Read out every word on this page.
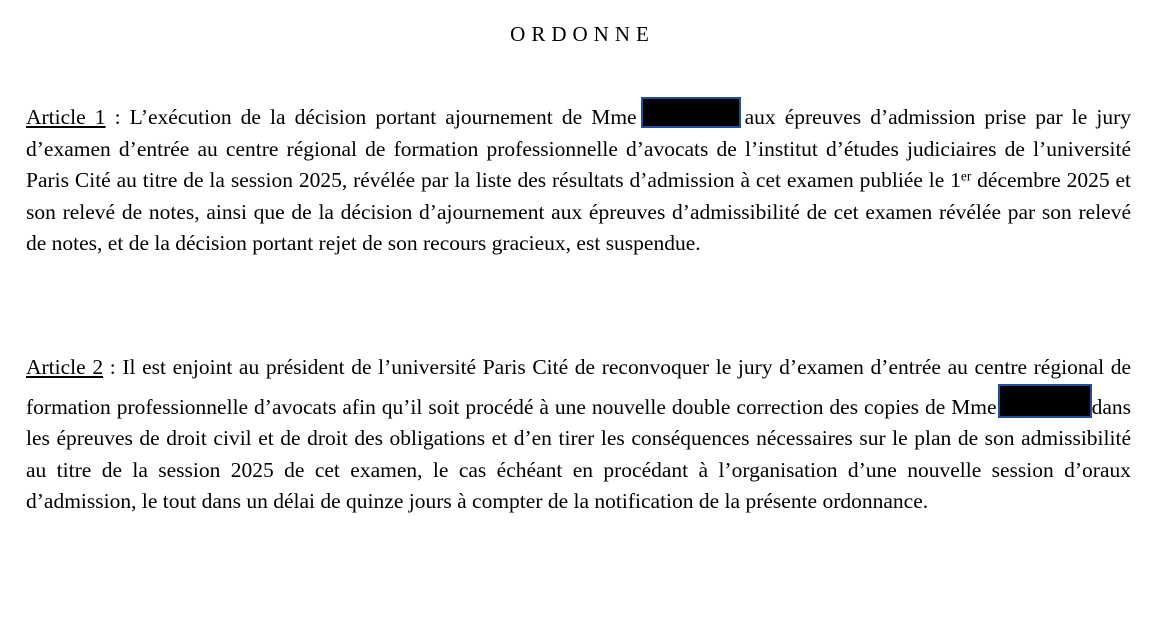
ORDONNE

Article 1 : L’exécution de la décision portant ajournement de Mme	aux épreuves d’admission prise par le jury d’examen d’entrée au centre régional de formation professionnelle d’avocats de l’institut d’études judiciaires de l’université Paris Cité au titre de la session 2025, révélée par la liste des résultats d’admission à cet examen publiée le 1er décembre 2025 et son relevé de notes, ainsi que de la décision d’ajournement aux épreuves d’admissibilité de cet examen révélée par son relevé de notes, et de la décision portant rejet de son recours gracieux, est suspendue.

Article 2 : Il est enjoint au président de l’université Paris Cité de reconvoquer le jury d’examen d’entrée au centre régional de formation professionnelle d’avocats afin qu’il soit procédé à une nouvelle double correction des copies de Mme	dans les épreuves de droit civil et de droit des obligations et d’en tirer les conséquences nécessaires sur le plan de son admissibilité au titre de la session 2025 de cet examen, le cas échéant en procédant à l’organisation d’une nouvelle session d’oraux d’admission, le tout dans un délai de quinze jours à compter de la notification de la présente ordonnance.
